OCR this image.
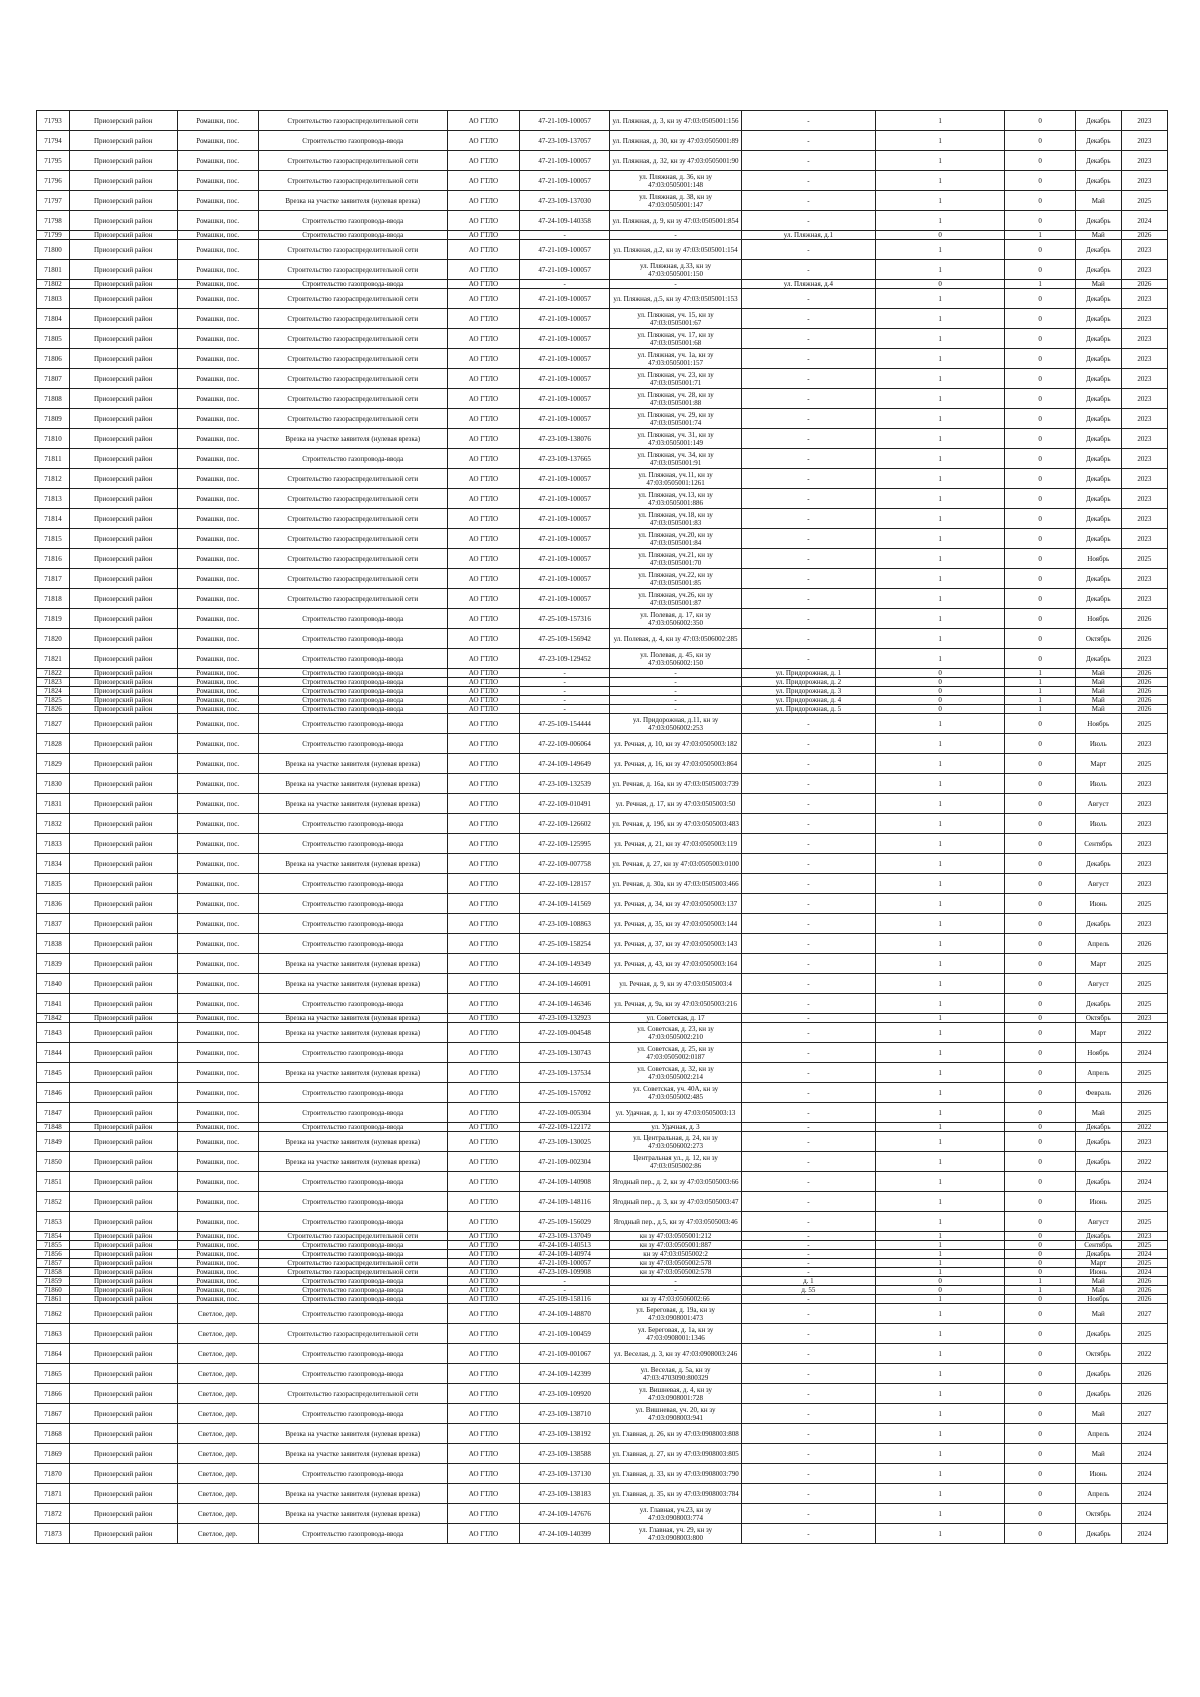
71793	Приозерский район	Ромашки, пос.	Строительство газораспределительной сети	АО ГТЛО	47-21-109-100057	ул. Пляжная, д. 3, кн зу 47:03:0505001:156	-	1	0	Декабрь	2023
71794	Приозерский район	Ромашки, пос.	Строительство газопровода-ввода	АО ГТЛО	47-23-109-137057	ул. Пляжная, д. 30, кн зу 47:03:0505001:89	-	1	0	Декабрь	2023
71795	Приозерский район	Ромашки, пос.	Строительство газораспределительной сети	АО ГТЛО	47-21-109-100057	ул. Пляжная, д. 32, кн зу 47:03:0505001:90	-	1	0	Декабрь	2023
71796	Приозерский район	Ромашки, пос.	Строительство газораспределительной сети	АО ГТЛО	47-21-109-100057	ул. Пляжная, д. 36, кн зу 47:03:0505001:148	-	1	0	Декабрь	2023
71797	Приозерский район	Ромашки, пос.	Врезка на участке заявителя (нулевая врезка)	АО ГТЛО	47-23-109-137030	ул. Пляжная, д. 38, кн зу 47:03:0505001:147	-	1	0	Май	2025
71798	Приозерский район	Ромашки, пос.	Строительство газопровода-ввода	АО ГТЛО	47-24-109-140358	ул. Пляжная, д. 9, кн зу 47:03:0505001:854	-	1	0	Декабрь	2024
71799	Приозерский район	Ромашки, пос.	Строительство газопровода-ввода	АО ГТЛО	-	-	ул. Пляжная, д.1	0	1	Май	2026
71800	Приозерский район	Ромашки, пос.	Строительство газораспределительной сети	АО ГТЛО	47-21-109-100057	ул. Пляжная, д.2, кн зу 47:03:0505001:154	-	1	0	Декабрь	2023
71801	Приозерский район	Ромашки, пос.	Строительство газораспределительной сети	АО ГТЛО	47-21-109-100057	ул. Пляжная, д.33, кн зу 47:03:0505001:150	-	1	0	Декабрь	2023
71802	Приозерский район	Ромашки, пос.	Строительство газопровода-ввода	АО ГТЛО	-	-	ул. Пляжная, д.4	0	1	Май	2026
71803	Приозерский район	Ромашки, пос.	Строительство газораспределительной сети	АО ГТЛО	47-21-109-100057	ул. Пляжная, д.5, кн зу 47:03:0505001:153	-	1	0	Декабрь	2023
71804	Приозерский район	Ромашки, пос.	Строительство газораспределительной сети	АО ГТЛО	47-21-109-100057	ул. Пляжная, уч. 15, кн зу 47:03:0505001:67	-	1	0	Декабрь	2023
71805	Приозерский район	Ромашки, пос.	Строительство газораспределительной сети	АО ГТЛО	47-21-109-100057	ул. Пляжная, уч. 17, кн зу 47:03:0505001:68	-	1	0	Декабрь	2023
71806	Приозерский район	Ромашки, пос.	Строительство газораспределительной сети	АО ГТЛО	47-21-109-100057	ул. Пляжная, уч. 1а, кн зу 47:03:0505001:157	-	1	0	Декабрь	2023
71807	Приозерский район	Ромашки, пос.	Строительство газораспределительной сети	АО ГТЛО	47-21-109-100057	ул. Пляжная, уч. 23, кн зу 47:03:0505001:71	-	1	0	Декабрь	2023
71808	Приозерский район	Ромашки, пос.	Строительство газораспределительной сети	АО ГТЛО	47-21-109-100057	ул. Пляжная, уч. 28, кн зу 47:03:0505001:88	-	1	0	Декабрь	2023
71809	Приозерский район	Ромашки, пос.	Строительство газораспределительной сети	АО ГТЛО	47-21-109-100057	ул. Пляжная, уч. 29, кн зу 47:03:0505001:74	-	1	0	Декабрь	2023
71810	Приозерский район	Ромашки, пос.	Врезка на участке заявителя (нулевая врезка)	АО ГТЛО	47-23-109-138076	ул. Пляжная, уч. 31, кн зу 47:03:0505001:149	-	1	0	Декабрь	2023
71811	Приозерский район	Ромашки, пос.	Строительство газопровода-ввода	АО ГТЛО	47-23-109-137665	ул. Пляжная, уч. 34, кн зу 47:03:0505001:91	-	1	0	Декабрь	2023
71812	Приозерский район	Ромашки, пос.	Строительство газораспределительной сети	АО ГТЛО	47-21-109-100057	ул. Пляжная, уч.11, кн зу 47:03:0505001:1261	-	1	0	Декабрь	2023
71813	Приозерский район	Ромашки, пос.	Строительство газораспределительной сети	АО ГТЛО	47-21-109-100057	ул. Пляжная, уч.13, кн зу 47:03:0505001:886	-	1	0	Декабрь	2023
71814	Приозерский район	Ромашки, пос.	Строительство газораспределительной сети	АО ГТЛО	47-21-109-100057	ул. Пляжная, уч.18, кн зу 47:03:0505001:83	-	1	0	Декабрь	2023
71815	Приозерский район	Ромашки, пос.	Строительство газораспределительной сети	АО ГТЛО	47-21-109-100057	ул. Пляжная, уч.20, кн зу 47:03:0505001:84	-	1	0	Декабрь	2023
71816	Приозерский район	Ромашки, пос.	Строительство газораспределительной сети	АО ГТЛО	47-21-109-100057	ул. Пляжная, уч.21, кн зу 47:03:0505001:70	-	1	0	Ноябрь	2025
71817	Приозерский район	Ромашки, пос.	Строительство газораспределительной сети	АО ГТЛО	47-21-109-100057	ул. Пляжная, уч.22, кн зу 47:03:0505001:85	-	1	0	Декабрь	2023
71818	Приозерский район	Ромашки, пос.	Строительство газораспределительной сети	АО ГТЛО	47-21-109-100057	ул. Пляжная, уч.26, кн зу 47:03:0505001:87	-	1	0	Декабрь	2023
71819	Приозерский район	Ромашки, пос.	Строительство газопровода-ввода	АО ГТЛО	47-25-109-157316	ул. Полевая, д. 17, кн зу 47:03:0506002:350	-	1	0	Ноябрь	2026
71820	Приозерский район	Ромашки, пос.	Строительство газопровода-ввода	АО ГТЛО	47-25-109-156942	ул. Полевая, д. 4, кн зу 47:03:0506002:285	-	1	0	Октябрь	2026
71821	Приозерский район	Ромашки, пос.	Строительство газопровода-ввода	АО ГТЛО	47-23-109-129452	ул. Полевая, д. 45, кн зу 47:03:0506002:150	-	1	0	Декабрь	2023
71822	Приозерский район	Ромашки, пос.	Строительство газопровода-ввода	АО ГТЛО	-	-	ул. Придорожная, д. 1	0	1	Май	2026
71823	Приозерский район	Ромашки, пос.	Строительство газопровода-ввода	АО ГТЛО	-	-	ул. Придорожная, д. 2	0	1	Май	2026
71824	Приозерский район	Ромашки, пос.	Строительство газопровода-ввода	АО ГТЛО	-	-	ул. Придорожная, д. 3	0	1	Май	2026
71825	Приозерский район	Ромашки, пос.	Строительство газопровода-ввода	АО ГТЛО	-	-	ул. Придорожная, д. 4	0	1	Май	2026
71826	Приозерский район	Ромашки, пос.	Строительство газопровода-ввода	АО ГТЛО	-	-	ул. Придорожная, д. 5	0	1	Май	2026
71827	Приозерский район	Ромашки, пос.	Строительство газопровода-ввода	АО ГТЛО	47-25-109-154444	ул. Придорожная, д.11, кн зу 47:03:0506002:253	-	1	0	Ноябрь	2025
71828	Приозерский район	Ромашки, пос.	Строительство газопровода-ввода	АО ГТЛО	47-22-109-006064	ул. Речная, д. 10, кн зу 47:03:0505003:182	-	1	0	Июль	2023
71829	Приозерский район	Ромашки, пос.	Врезка на участке заявителя (нулевая врезка)	АО ГТЛО	47-24-109-149649	ул. Речная, д. 16, кн зу 47:03:0505003:864	-	1	0	Март	2025
71830	Приозерский район	Ромашки, пос.	Врезка на участке заявителя (нулевая врезка)	АО ГТЛО	47-23-109-132539	ул. Речная, д. 16а, кн зу 47:03:0505003:739	-	1	0	Июль	2023
71831	Приозерский район	Ромашки, пос.	Врезка на участке заявителя (нулевая врезка)	АО ГТЛО	47-22-109-010491	ул. Речная, д. 17, кн зу 47:03:0505003:50	-	1	0	Август	2023
71832	Приозерский район	Ромашки, пос.	Строительство газопровода-ввода	АО ГТЛО	47-22-109-126602	ул. Речная, д. 19б, кн зу 47:03:0505003:483	-	1	0	Июль	2023
71833	Приозерский район	Ромашки, пос.	Строительство газопровода-ввода	АО ГТЛО	47-22-109-125995	ул. Речная, д. 21, кн зу 47:03:0505003:119	-	1	0	Сентябрь	2023
71834	Приозерский район	Ромашки, пос.	Врезка на участке заявителя (нулевая врезка)	АО ГТЛО	47-22-109-007758	ул. Речная, д. 27, кн зу 47:03:0505003:0100	-	1	0	Декабрь	2023
71835	Приозерский район	Ромашки, пос.	Строительство газопровода-ввода	АО ГТЛО	47-22-109-128157	ул. Речная, д. 30а, кн зу 47:03:0505003:466	-	1	0	Август	2023
71836	Приозерский район	Ромашки, пос.	Строительство газопровода-ввода	АО ГТЛО	47-24-109-141569	ул. Речная, д. 34, кн зу 47:03:0505003:137	-	1	0	Июнь	2025
71837	Приозерский район	Ромашки, пос.	Строительство газопровода-ввода	АО ГТЛО	47-23-109-108863	ул. Речная, д. 35, кн зу 47:03:0505003:144	-	1	0	Декабрь	2023
71838	Приозерский район	Ромашки, пос.	Строительство газопровода-ввода	АО ГТЛО	47-25-109-158254	ул. Речная, д. 37, кн зу 47:03:0505003:143	-	1	0	Апрель	2026
71839	Приозерский район	Ромашки, пос.	Врезка на участке заявителя (нулевая врезка)	АО ГТЛО	47-24-109-149349	ул. Речная, д. 43, кн зу 47:03:0505003:164	-	1	0	Март	2025
71840	Приозерский район	Ромашки, пос.	Врезка на участке заявителя (нулевая врезка)	АО ГТЛО	47-24-109-146091	ул. Речная, д. 9, кн зу 47:03:0505003:4	-	1	0	Август	2025
71841	Приозерский район	Ромашки, пос.	Строительство газопровода-ввода	АО ГТЛО	47-24-109-146346	ул. Речная, д. 9а, кн зу 47:03:0505003:216	-	1	0	Декабрь	2025
71842	Приозерский район	Ромашки, пос.	Врезка на участке заявителя (нулевая врезка)	АО ГТЛО	47-23-109-132923	ул. Советская, д. 17	-	1	0	Октябрь	2023
71843	Приозерский район	Ромашки, пос.	Врезка на участке заявителя (нулевая врезка)	АО ГТЛО	47-22-109-004548	ул. Советская, д. 23, кн зу 47:03:0505002:210	-	1	0	Март	2022
71844	Приозерский район	Ромашки, пос.	Строительство газопровода-ввода	АО ГТЛО	47-23-109-130743	ул. Советская, д. 25, кн зу 47:03:0505002:0187	-	1	0	Ноябрь	2024
71845	Приозерский район	Ромашки, пос.	Врезка на участке заявителя (нулевая врезка)	АО ГТЛО	47-23-109-137534	ул. Советская, д. 32, кн зу 47:03:0505002:214	-	1	0	Апрель	2025
71846	Приозерский район	Ромашки, пос.	Строительство газопровода-ввода	АО ГТЛО	47-25-109-157092	ул. Советская, уч. 40А, кн зу 47:03:0505002:485	-	1	0	Февраль	2026
71847	Приозерский район	Ромашки, пос.	Строительство газопровода-ввода	АО ГТЛО	47-22-109-005304	ул. Удачная, д. 1, кн зу 47:03:0505003:13	-	1	0	Май	2025
71848	Приозерский район	Ромашки, пос.	Строительство газопровода-ввода	АО ГТЛО	47-22-109-122172	ул. Удачная, д. 3	-	1	0	Декабрь	2022
71849	Приозерский район	Ромашки, пос.	Врезка на участке заявителя (нулевая врезка)	АО ГТЛО	47-23-109-130025	ул. Центральная, д. 24, кн зу 47:03:0506002:273	-	1	0	Декабрь	2023
71850	Приозерский район	Ромашки, пос.	Врезка на участке заявителя (нулевая врезка)	АО ГТЛО	47-21-109-002304	Центральная ул., д. 12, кн зу 47:03:0505002:86	-	1	0	Декабрь	2022
71851	Приозерский район	Ромашки, пос.	Строительство газопровода-ввода	АО ГТЛО	47-24-109-140908	Ягодный пер., д. 2, кн зу 47:03:0505003:66	-	1	0	Декабрь	2024
71852	Приозерский район	Ромашки, пос.	Строительство газопровода-ввода	АО ГТЛО	47-24-109-148116	Ягодный пер., д. 3, кн зу 47:03:0505003:47	-	1	0	Июнь	2025
71853	Приозерский район	Ромашки, пос.	Строительство газопровода-ввода	АО ГТЛО	47-25-109-156029	Ягодный пер., д.5, кн зу 47:03:0505003:46	-	1	0	Август	2025
71854	Приозерский район	Ромашки, пос.	Строительство газораспределительной сети	АО ГТЛО	47-23-109-137049	кн зу 47:03:0505001:212	-	1	0	Декабрь	2023
71855	Приозерский район	Ромашки, пос.	Строительство газопровода-ввода	АО ГТЛО	47-24-109-140513	кн зу 47:03:0505001:887	-	1	0	Сентябрь	2025
71856	Приозерский район	Ромашки, пос.	Строительство газопровода-ввода	АО ГТЛО	47-24-109-140974	кн зу 47:03:0505002:2	-	1	0	Декабрь	2024
71857	Приозерский район	Ромашки, пос.	Строительство газораспределительной сети	АО ГТЛО	47-21-109-100057	кн зу 47:03:0505002:578	-	1	0	Март	2025
71858	Приозерский район	Ромашки, пос.	Строительство газораспределительной сети	АО ГТЛО	47-23-109-109908	кн зу 47:03:0505002:578	-	1	0	Июнь	2024
71859	Приозерский район	Ромашки, пос.	Строительство газопровода-ввода	АО ГТЛО	-	-	д. 1	0	1	Май	2026
71860	Приозерский район	Ромашки, пос.	Строительство газопровода-ввода	АО ГТЛО	-	-	д. 55	0	1	Май	2026
71861	Приозерский район	Ромашки, пос.	Строительство газопровода-ввода	АО ГТЛО	47-25-109-158116	кн зу 47:03:0506002:66	-	1	0	Ноябрь	2026
71862	Приозерский район	Светлое, дер.	Строительство газопровода-ввода	АО ГТЛО	47-24-109-148870	ул. Береговая, д. 19а, кн зу 47:03:0908001:473	-	1	0	Май	2027
71863	Приозерский район	Светлое, дер.	Строительство газораспределительной сети	АО ГТЛО	47-21-109-100459	ул. Береговая, д. 1а, кн зу 47:03:0908001:1346	-	1	0	Декабрь	2025
71864	Приозерский район	Светлое, дер.	Строительство газопровода-ввода	АО ГТЛО	47-21-109-001067	ул. Веселая, д. 3, кн зу 47:03:0908003:246	-	1	0	Октябрь	2022
71865	Приозерский район	Светлое, дер.	Строительство газопровода-ввода	АО ГТЛО	47-24-109-142399	ул. Веселая, д. 5а, кн зу 47:03:4703090:800329	-	1	0	Декабрь	2026
71866	Приозерский район	Светлое, дер.	Строительство газораспределительной сети	АО ГТЛО	47-23-109-109920	ул. Вишневая, д. 4, кн зу 47:03:0908001:728	-	1	0	Декабрь	2026
71867	Приозерский район	Светлое, дер.	Строительство газопровода-ввода	АО ГТЛО	47-23-109-138710	ул. Вишневая, уч. 20, кн зу 47:03:0908003:941	-	1	0	Май	2027
71868	Приозерский район	Светлое, дер.	Врезка на участке заявителя (нулевая врезка)	АО ГТЛО	47-23-109-138192	ул. Главная, д. 26, кн зу 47:03:0908003:808	-	1	0	Апрель	2024
71869	Приозерский район	Светлое, дер.	Врезка на участке заявителя (нулевая врезка)	АО ГТЛО	47-23-109-138588	ул. Главная, д. 27, кн зу 47:03:0908003:805	-	1	0	Май	2024
71870	Приозерский район	Светлое, дер.	Строительство газопровода-ввода	АО ГТЛО	47-23-109-137130	ул. Главная, д. 33, кн зу 47:03:0908003:790	-	1	0	Июнь	2024
71871	Приозерский район	Светлое, дер.	Врезка на участке заявителя (нулевая врезка)	АО ГТЛО	47-23-109-138183	ул. Главная, д. 35, кн зу 47:03:0908003:784	-	1	0	Апрель	2024
71872	Приозерский район	Светлое, дер.	Врезка на участке заявителя (нулевая врезка)	АО ГТЛО	47-24-109-147676	ул. Главная, уч.23, кн зу 47:03:0908003:774	-	1	0	Октябрь	2024
71873	Приозерский район	Светлое, дер.	Строительство газопровода-ввода	АО ГТЛО	47-24-109-140399	ул. Главная, уч. 29, кн зу 47:03:0908003:800	-	1	0	Декабрь	2024
